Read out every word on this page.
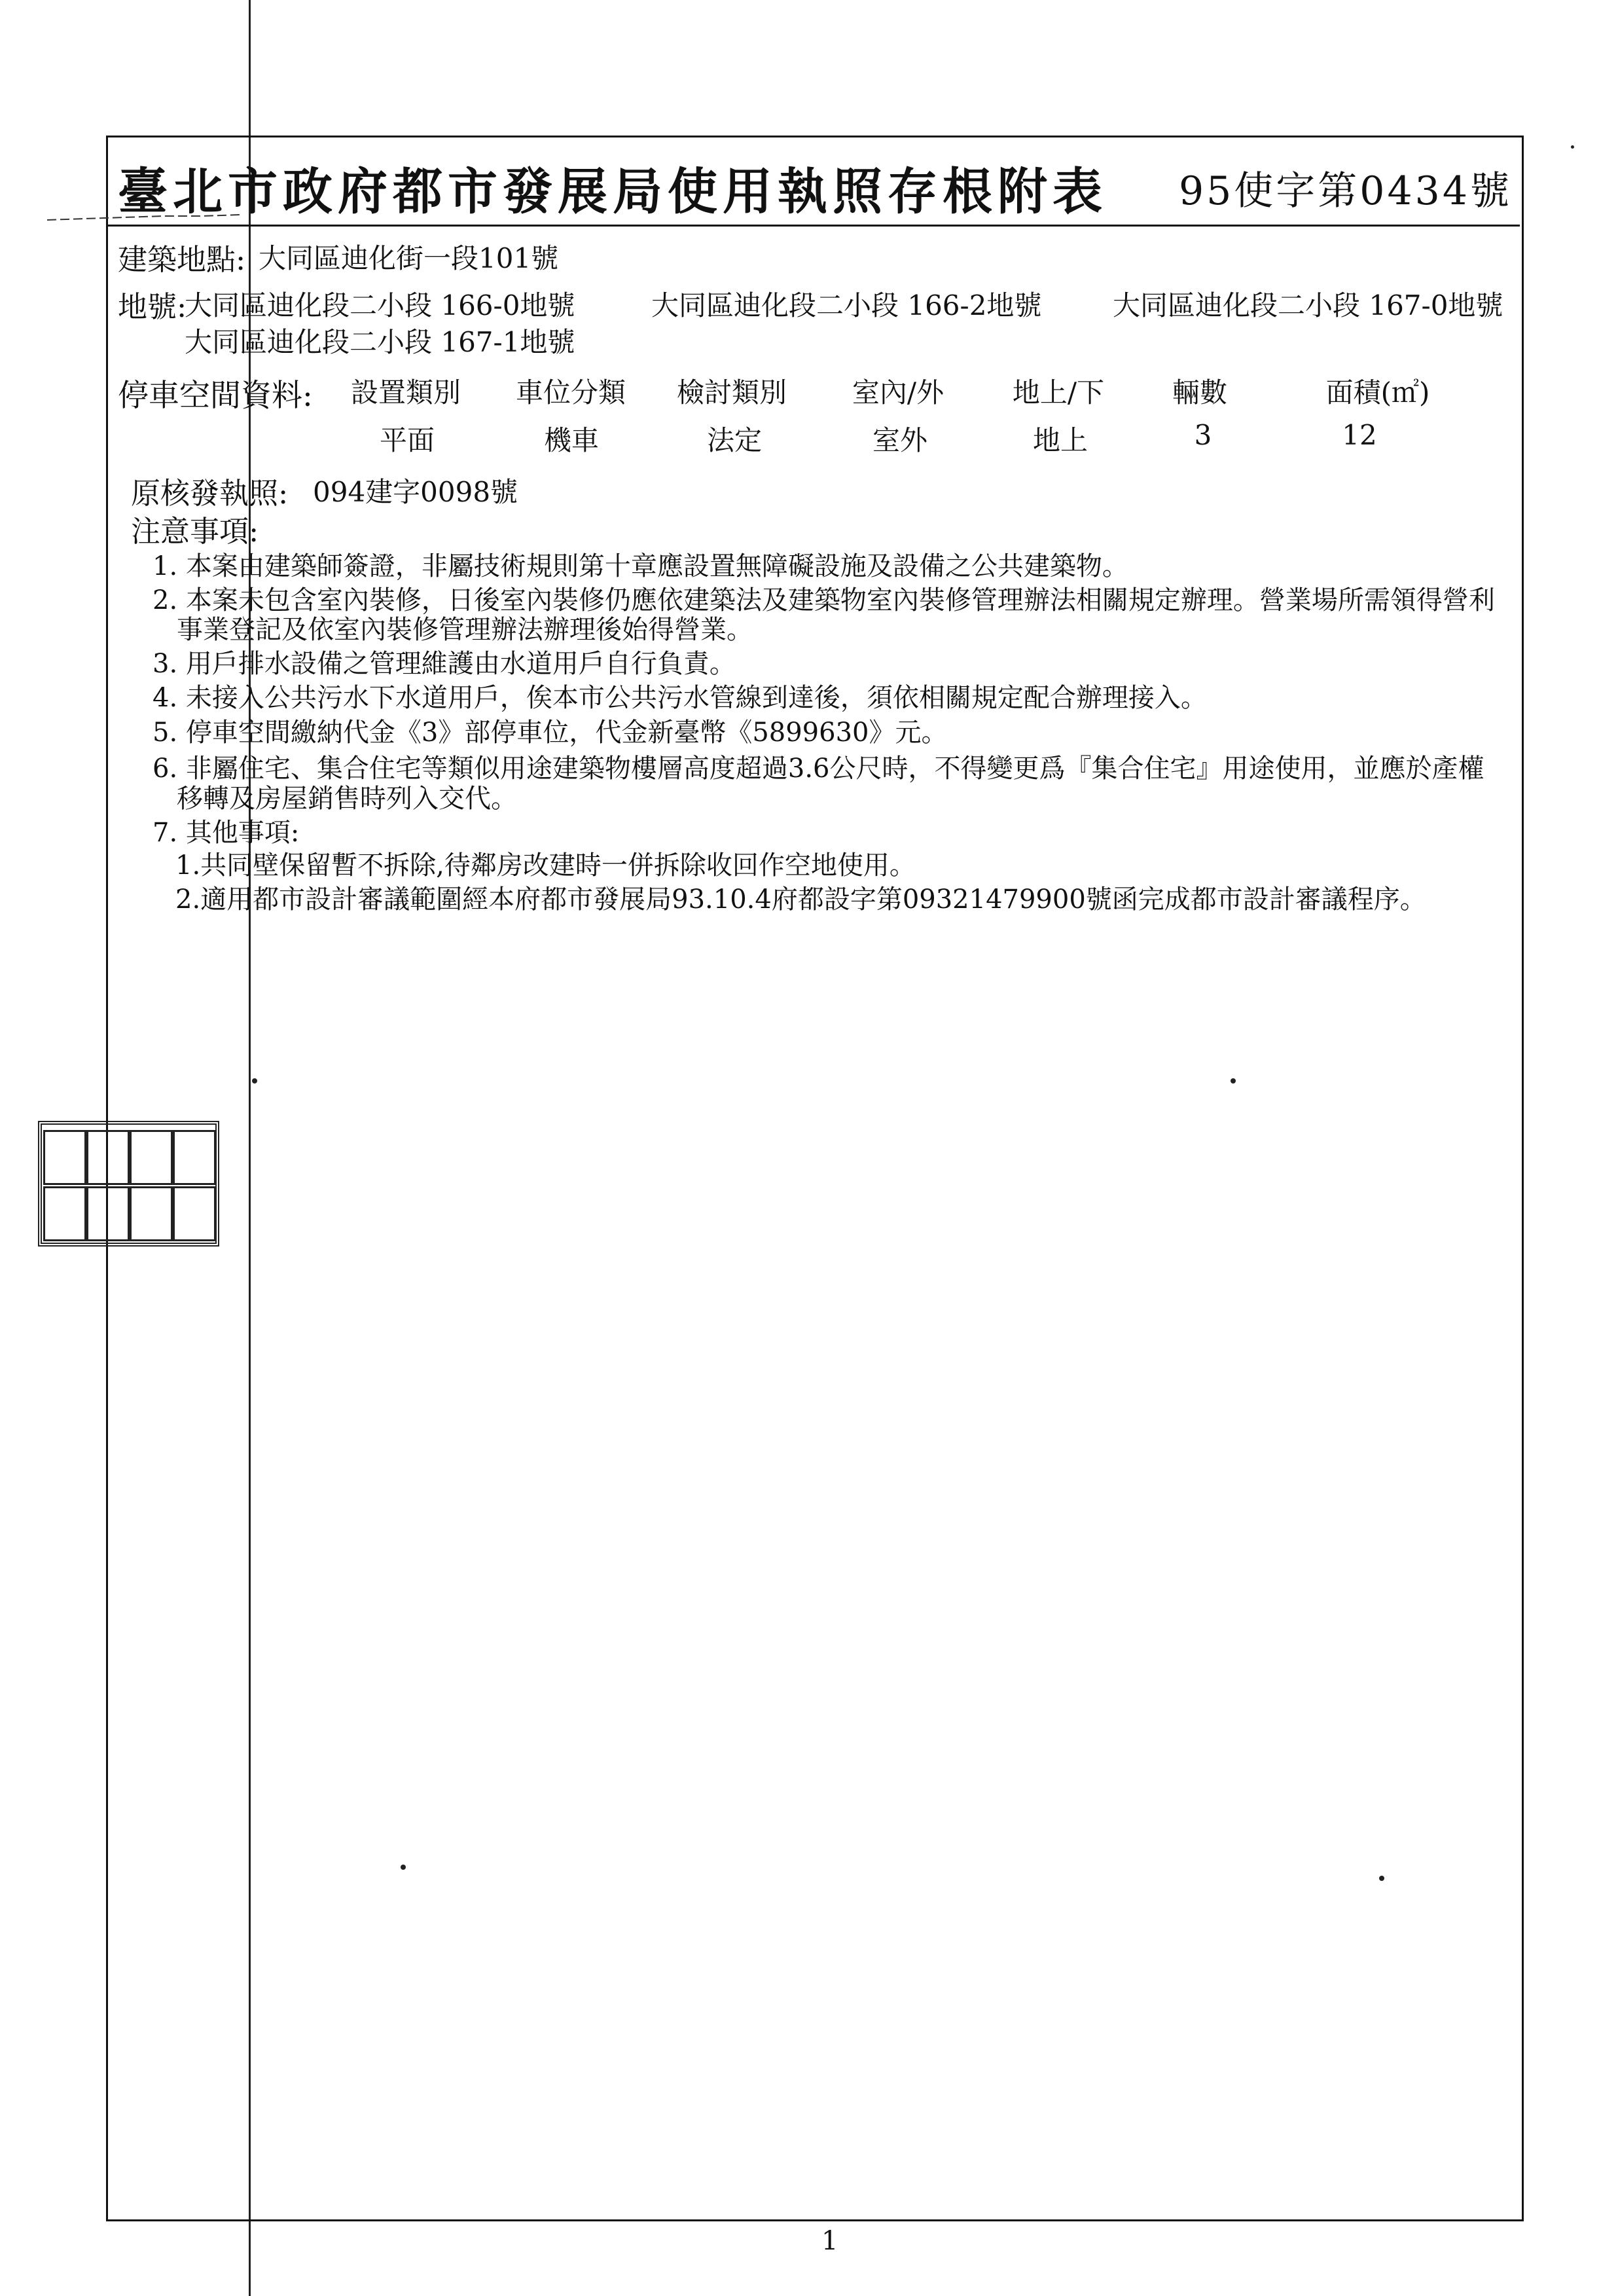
臺北市政府都市發展局使用執照存根附表 95使字第0434號
建築地點: 大同區迪化街一段101號
地號:
大同區迪化段二小段 166-0地號	大同區迪化段二小段 166-2地號	大同區迪化段二小段 167-0地號
大同區迪化段二小段 167-1地號
停車空間資料: 設置類別 車位分類 檢討類別 室內/外 地上/下 輛數	面積(㎡)
平面	機車	法定	室外	地上	3	12
原核發執照: 094建字0098號
注意事項:
1. 本案由建築師簽證，非屬技術規則第十章應設置無障礙設施及設備之公共建築物。
2. 本案未包含室內裝修，日後室內裝修仍應依建築法及建築物室內裝修管理辦法相關規定辦理。營業場所需領得營利
事業登記及依室內裝修管理辦法辦理後始得營業。
3. 用戶排水設備之管理維護由水道用戶自行負責。
4. 未接入公共污水下水道用戶，俟本市公共污水管線到達後，須依相關規定配合辦理接入。
5. 停車空間繳納代金《3》部停車位，代金新臺幣《5899630》元。
6. 非屬住宅、集合住宅等類似用途建築物樓層高度超過3.6公尺時，不得變更爲『集合住宅』用途使用，並應於產權
移轉及房屋銷售時列入交代。
7. 其他事項:
1.共同壁保留暫不拆除,待鄰房改建時一併拆除收回作空地使用。
2.適用都市設計審議範圍經本府都市發展局93.10.4府都設字第09321479900號函完成都市設計審議程序。
1
